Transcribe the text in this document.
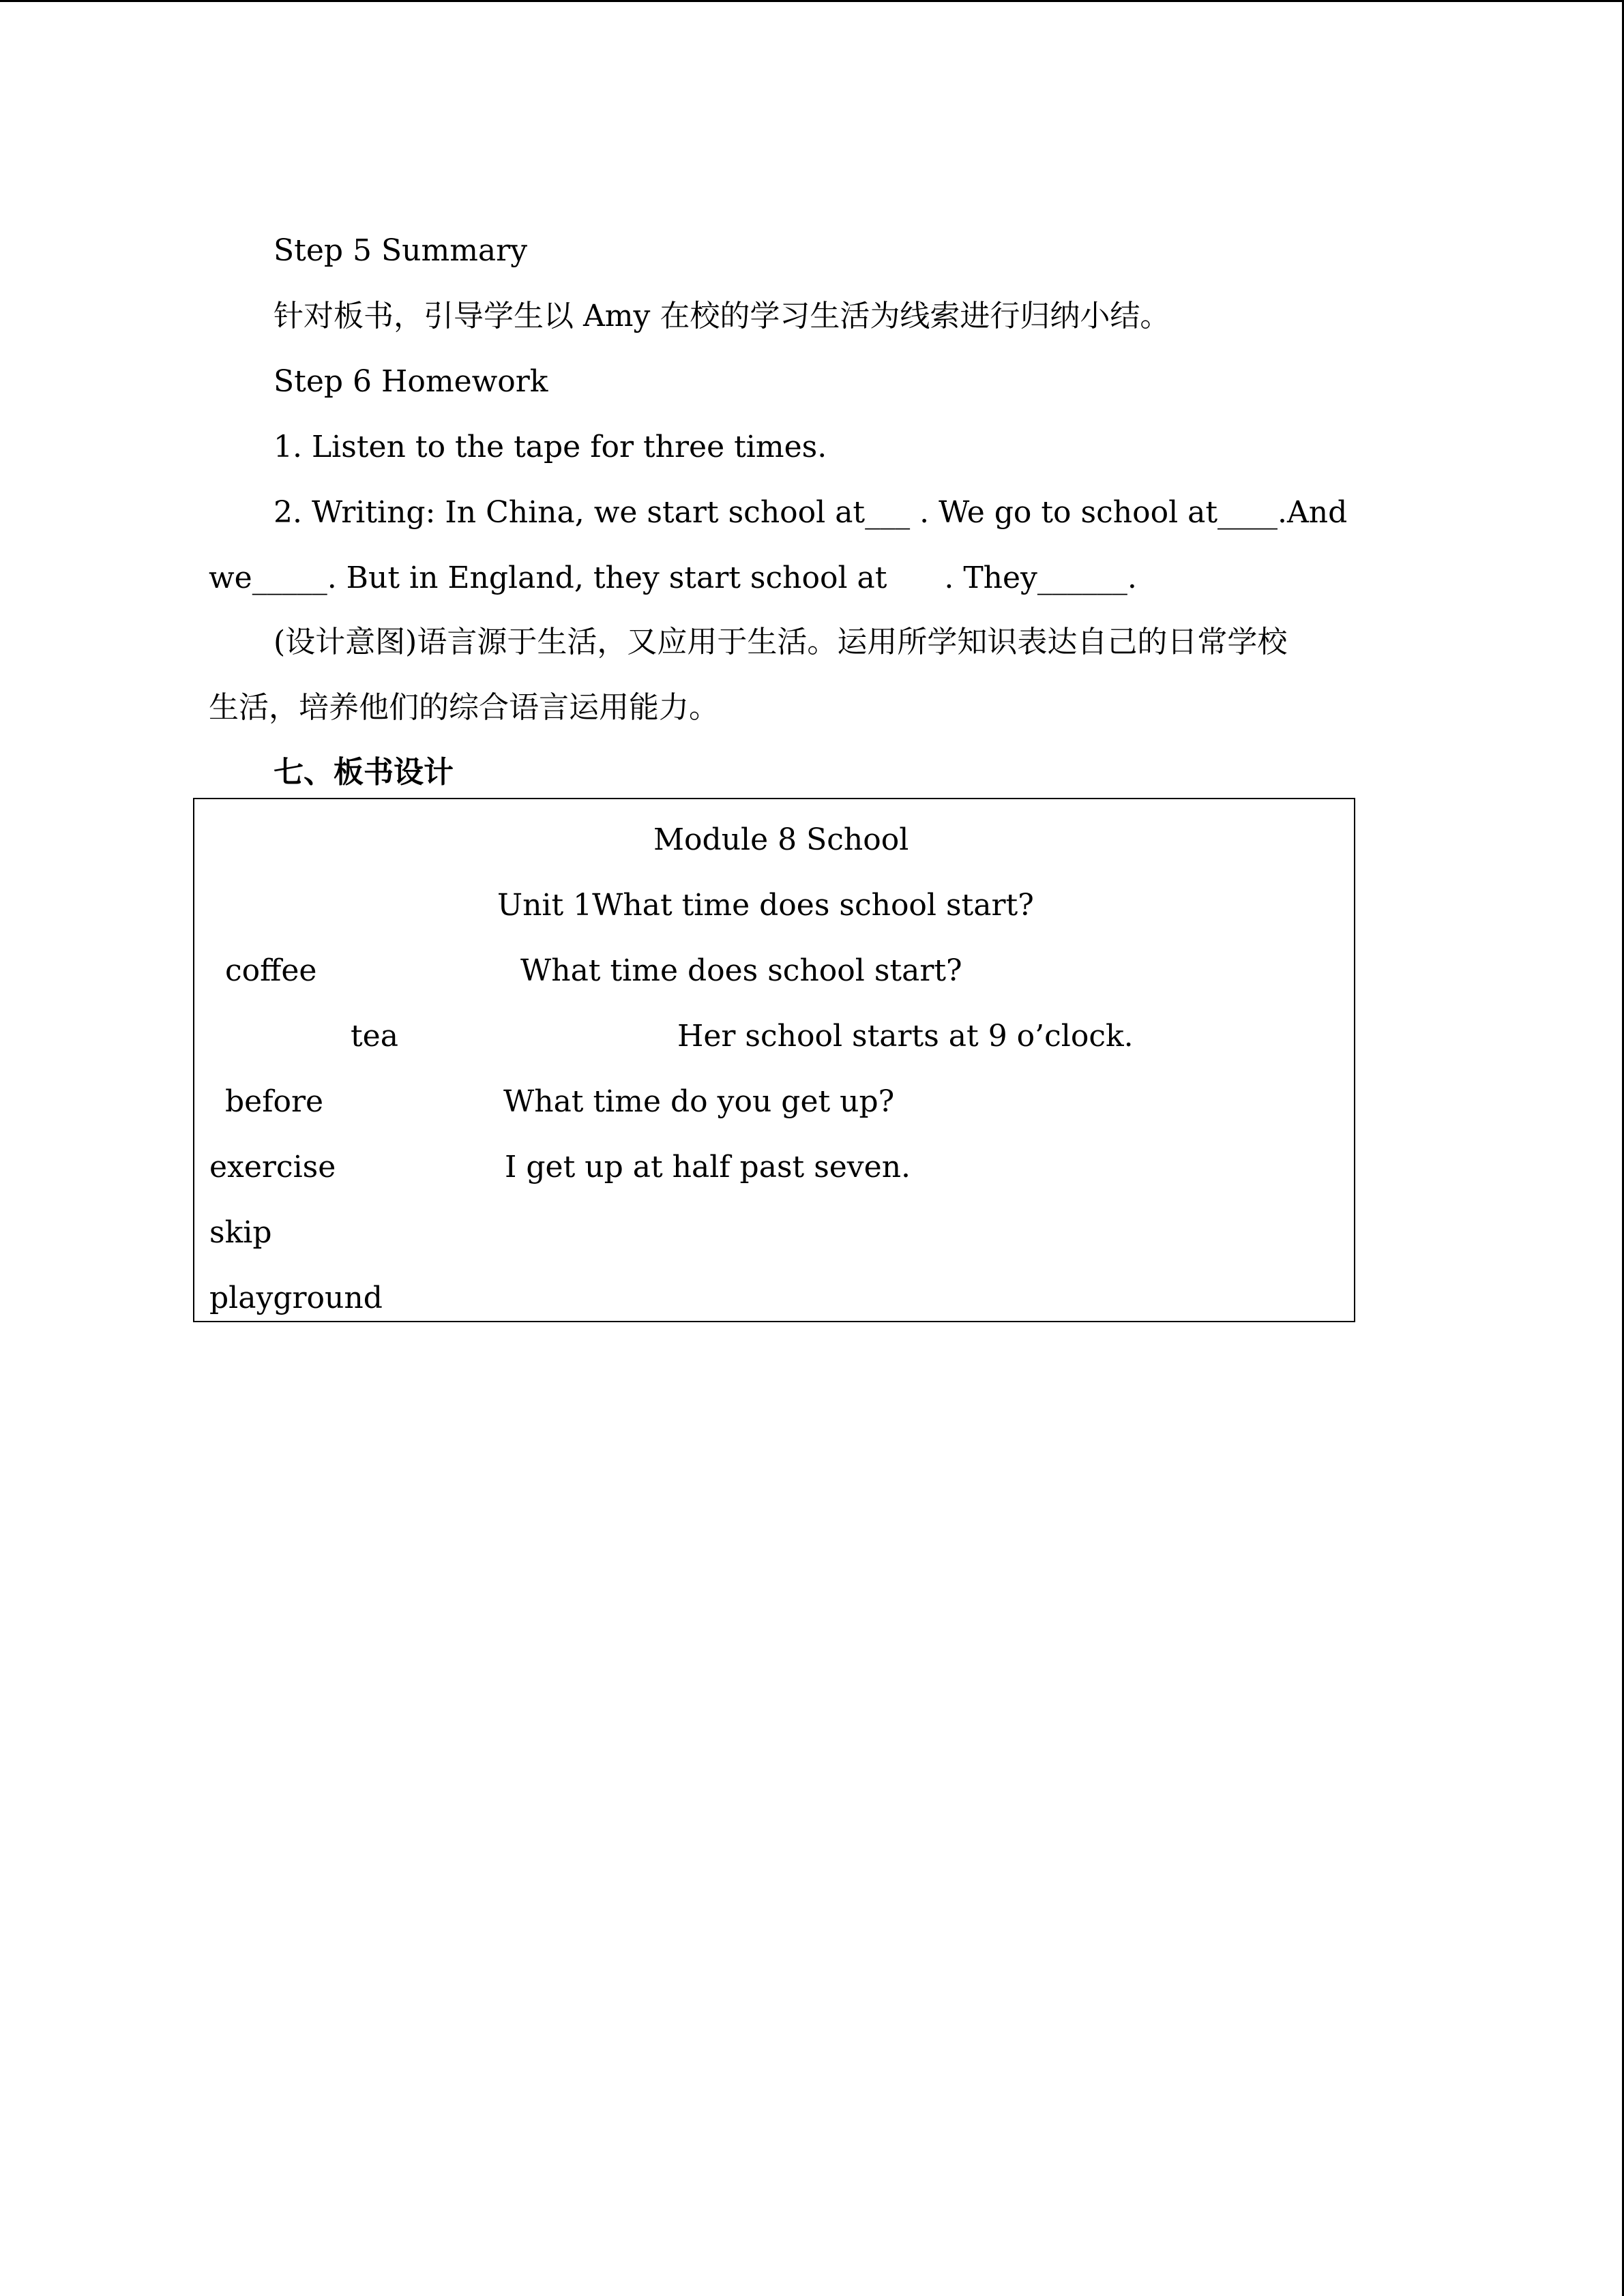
Step 5 Summary
针对板书，引导学生以 Amy 在校的学习生活为线索进行归纳小结。
Step 6 Homework
1. Listen to the tape for three times.
2. Writing: In China, we start school at___ . We go to school at____.And
we_____. But in England, they start school at      . They______.
(设计意图)语言源于生活，又应用于生活。运用所学知识表达自己的日常学校
生活，培养他们的综合语言运用能力。
七、板书设计
Module 8 School
Unit 1What time does school start?
coffee	What time does school start?
tea	Her school starts at 9 o’clock.
before	What time do you get up?
exercise	I get up at half past seven.
skip
playground
